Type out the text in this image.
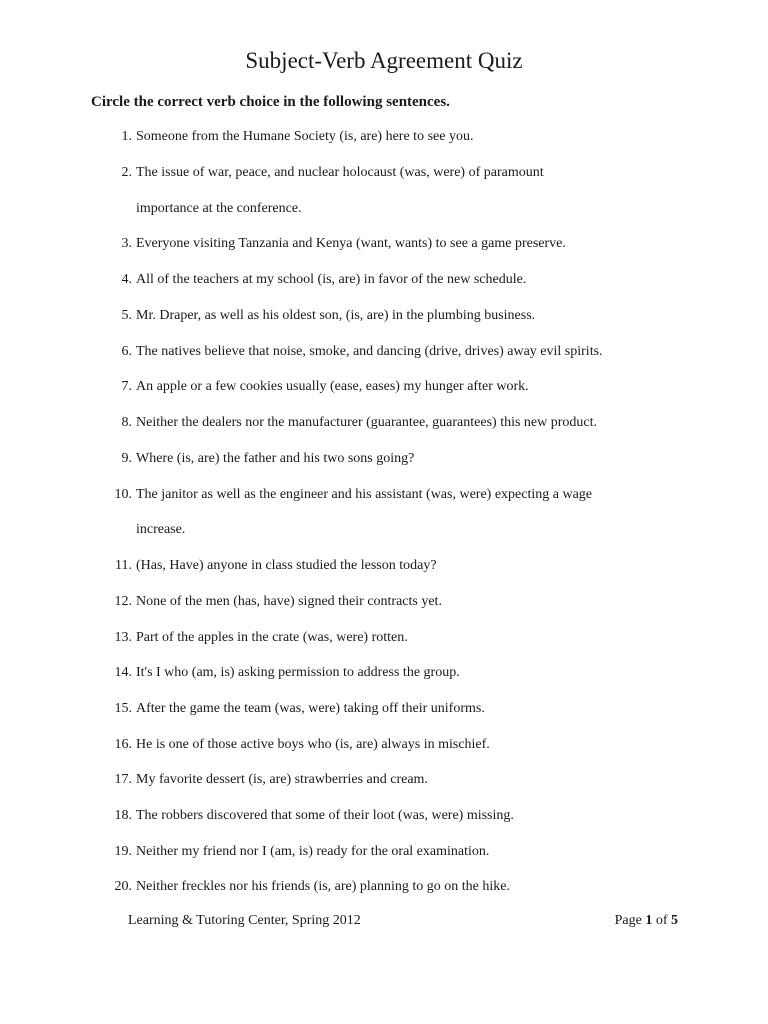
Subject-Verb Agreement Quiz
Circle the correct verb choice in the following sentences.
1. Someone from the Humane Society (is, are) here to see you.
2. The issue of war, peace, and nuclear holocaust (was, were) of paramount
importance at the conference.
3. Everyone visiting Tanzania and Kenya (want, wants) to see a game preserve.
4. All of the teachers at my school (is, are) in favor of the new schedule.
5. Mr. Draper, as well as his oldest son, (is, are) in the plumbing business.
6. The natives believe that noise, smoke, and dancing (drive, drives) away evil spirits.
7. An apple or a few cookies usually (ease, eases) my hunger after work.
8. Neither the dealers nor the manufacturer (guarantee, guarantees) this new product.
9. Where (is, are) the father and his two sons going?
10. The janitor as well as the engineer and his assistant (was, were) expecting a wage
increase.
11. (Has, Have) anyone in class studied the lesson today?
12. None of the men (has, have) signed their contracts yet.
13. Part of the apples in the crate (was, were) rotten.
14. It's I who (am, is) asking permission to address the group.
15. After the game the team (was, were) taking off their uniforms.
16. He is one of those active boys who (is, are) always in mischief.
17. My favorite dessert (is, are) strawberries and cream.
18. The robbers discovered that some of their loot (was, were) missing.
19. Neither my friend nor I (am, is) ready for the oral examination.
20. Neither freckles nor his friends (is, are) planning to go on the hike.
Learning & Tutoring Center, Spring 2012	Page 1 of 5
